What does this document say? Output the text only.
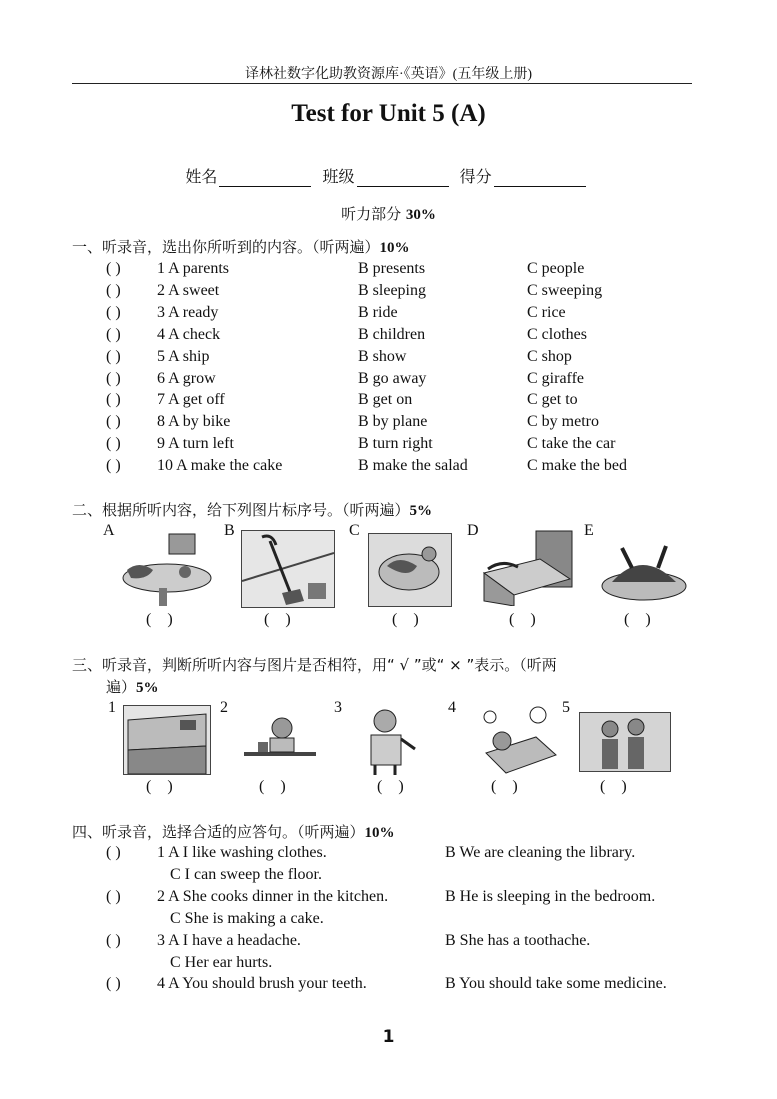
译林社数字化助教资源库·《英语》(五年级上册)
Test for Unit 5 (A)
姓名	班级	得分
听力部分 30%
一、听录音，选出你所听到的内容。（听两遍）10%
( ) 1 A parents	B presents	C people
( ) 2 A sweet	B sleeping	C sweeping
( ) 3 A ready	B ride	C rice
( ) 4 A check	B children	C clothes
( ) 5 A ship	B show	C shop
( ) 6 A grow	B go away	C giraffe
( ) 7 A get off	B get on	C get to
( ) 8 A by bike	B by plane	C by metro
( ) 9 A turn left	B turn right	C take the car
( ) 10 A make the cake	B make the salad	C make the bed
二、根据所听内容，给下列图片标序号。（听两遍）5%
A	B	C	D	E
(    )	(    )	(    )	(    )	(    )
三、听录音，判断所听内容与图片是否相符，用“ √ ”或“ × ”表示。（听两
遍）5%
1	2	3	4	5
(    )	(    )	(    )	(    )	(    )
四、听录音，选择合适的应答句。（听两遍）10%
( ) 1 A I like washing clothes.	B We are cleaning the library.
C I can sweep the floor.
( ) 2 A She cooks dinner in the kitchen.	B He is sleeping in the bedroom.
C She is making a cake.
( ) 3 A I have a headache.	B She has a toothache.
C Her ear hurts.
( ) 4 A You should brush your teeth.	B You should take some medicine.
1
